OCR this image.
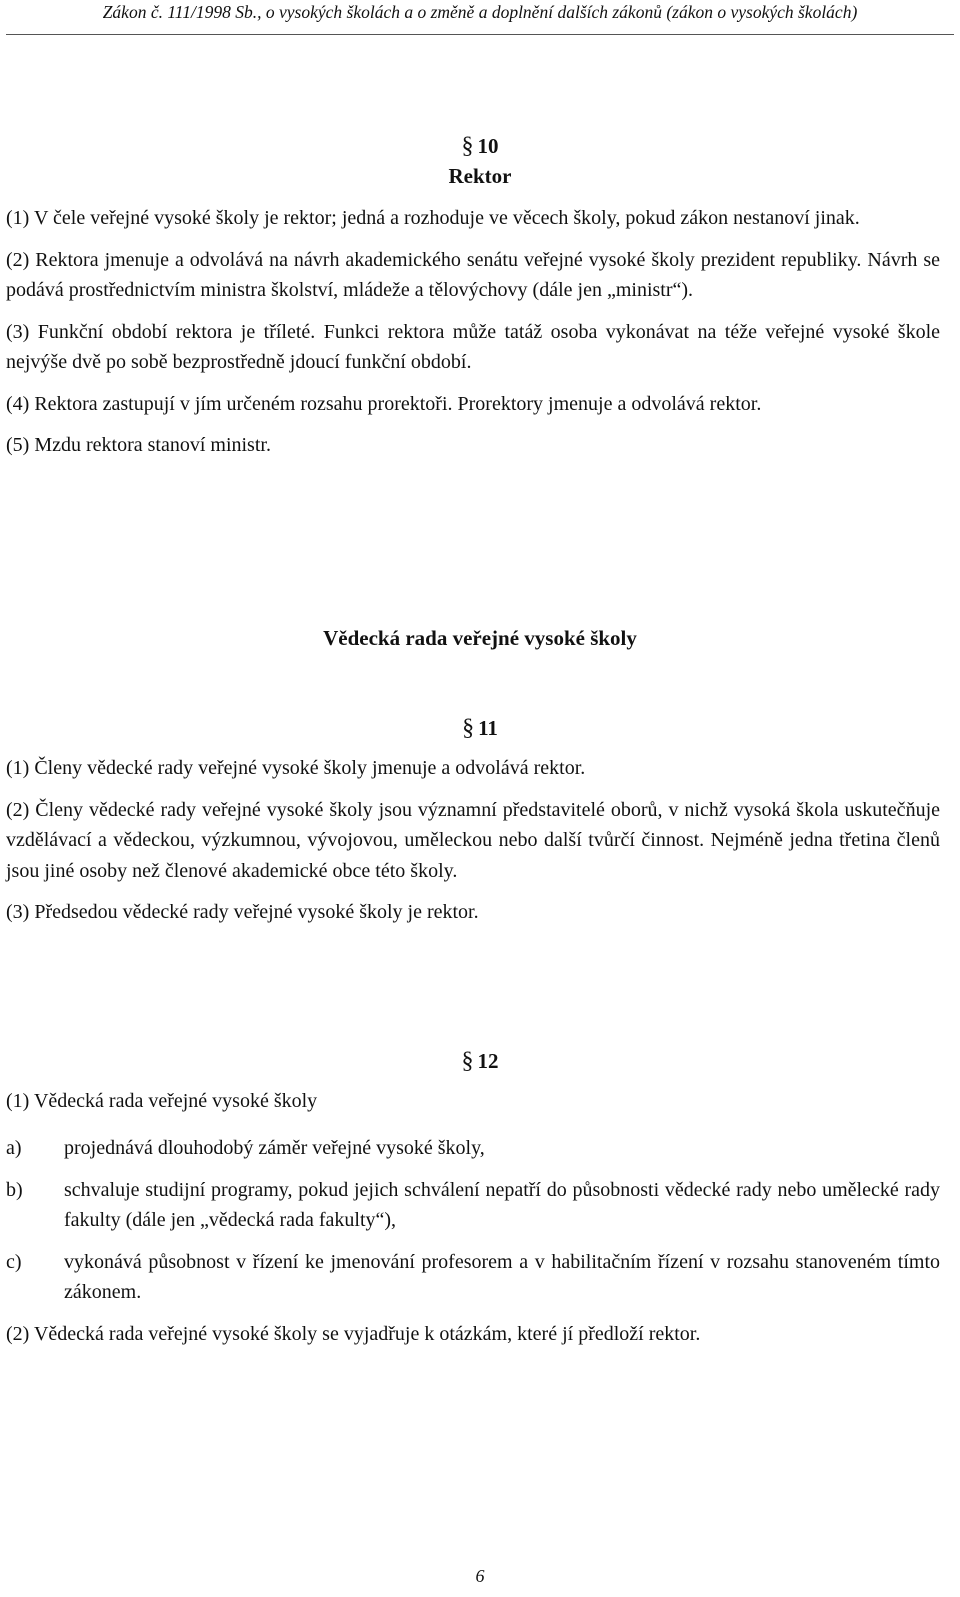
Zákon č. 111/1998 Sb., o vysokých školách a o změně a doplnění dalších zákonů (zákon o vysokých školách)
§ 10
Rektor

(1) V čele veřejné vysoké školy je rektor; jedná a rozhoduje ve věcech školy, pokud zákon nestanoví jinak.

(2) Rektora jmenuje a odvolává na návrh akademického senátu veřejné vysoké školy prezident republiky. Návrh se podává prostřednictvím ministra školství, mládeže a tělovýchovy (dále jen „ministr“).

(3) Funkční období rektora je tříleté. Funkci rektora může tatáž osoba vykonávat na téže veřejné vysoké škole nejvýše dvě po sobě bezprostředně jdoucí funkční období.

(4) Rektora zastupují v jím určeném rozsahu prorektoři. Prorektory jmenuje a odvolává rektor.

(5) Mzdu rektora stanoví ministr.

Vědecká rada veřejné vysoké školy
§ 11

(1) Členy vědecké rady veřejné vysoké školy jmenuje a odvolává rektor.

(2) Členy vědecké rady veřejné vysoké školy jsou významní představitelé oborů, v nichž vysoká škola uskutečňuje vzdělávací a vědeckou, výzkumnou, vývojovou, uměleckou nebo další tvůrčí činnost. Nejméně jedna třetina členů jsou jiné osoby než členové akademické obce této školy.

(3) Předsedou vědecké rady veřejné vysoké školy je rektor.

§ 12

(1) Vědecká rada veřejné vysoké školy

a)	projednává dlouhodobý záměr veřejné vysoké školy,
b)	schvaluje studijní programy, pokud jejich schválení nepatří do působnosti vědecké rady nebo umělecké rady fakulty (dále jen „vědecká rada fakulty“),
c)	vykonává působnost v řízení ke jmenování profesorem a v habilitačním řízení v rozsahu stanoveném tímto zákonem.

(2) Vědecká rada veřejné vysoké školy se vyjadřuje k otázkám, které jí předloží rektor.

6
